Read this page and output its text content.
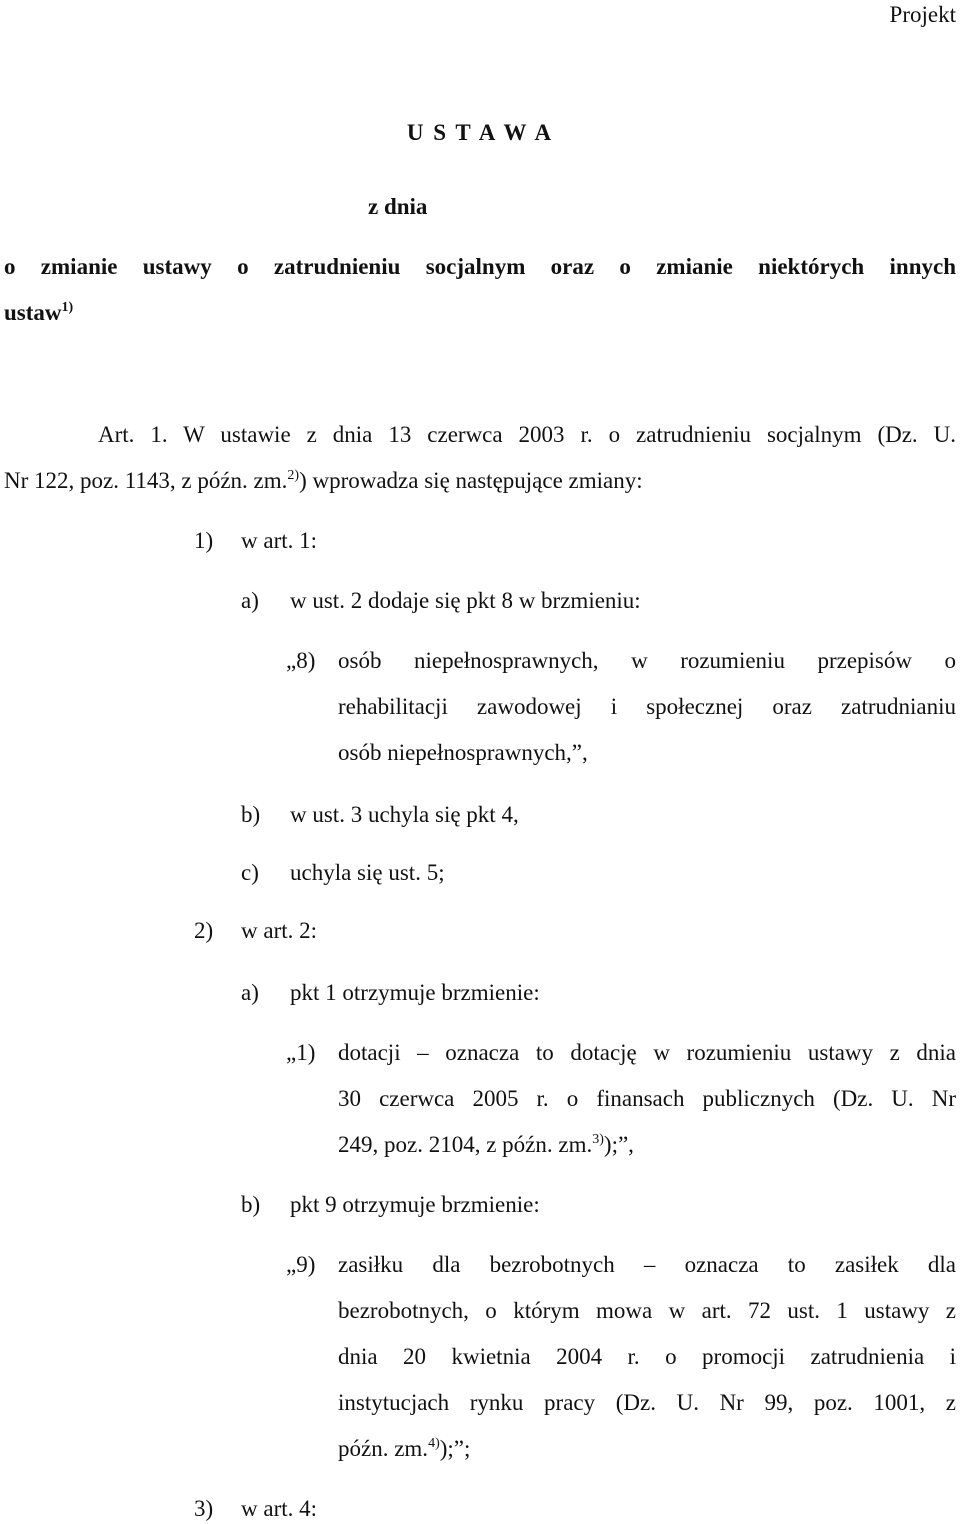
Projekt
U S T A W A
z dnia
o zmianie ustawy o zatrudnieniu socjalnym oraz o zmianie niektórych innych
ustaw$^{1)}$
Art. 1. W ustawie z dnia 13 czerwca 2003 r. o zatrudnieniu socjalnym (Dz. U.
Nr 122, poz. 1143, z późn. zm.$^{2)}$) wprowadza się następujące zmiany:
1) w art. 1:
a) w ust. 2 dodaje się pkt 8 w brzmieniu:
„8) osób niepełnosprawnych, w rozumieniu przepisów o
rehabilitacji zawodowej i społecznej oraz zatrudnianiu
osób niepełnosprawnych,”,
b) w ust. 3 uchyla się pkt 4,
c) uchyla się ust. 5;
2) w art. 2:
a) pkt 1 otrzymuje brzmienie:
„1) dotacji – oznacza to dotację w rozumieniu ustawy z dnia
30 czerwca 2005 r. o finansach publicznych (Dz. U. Nr
249, poz. 2104, z późn. zm.$^{3)}$);”,
b) pkt 9 otrzymuje brzmienie:
„9) zasiłku dla bezrobotnych – oznacza to zasiłek dla
bezrobotnych, o którym mowa w art. 72 ust. 1 ustawy z
dnia 20 kwietnia 2004 r. o promocji zatrudnienia i
instytucjach rynku pracy (Dz. U. Nr 99, poz. 1001, z
późn. zm.$^{4)}$);”;
3) w art. 4:
